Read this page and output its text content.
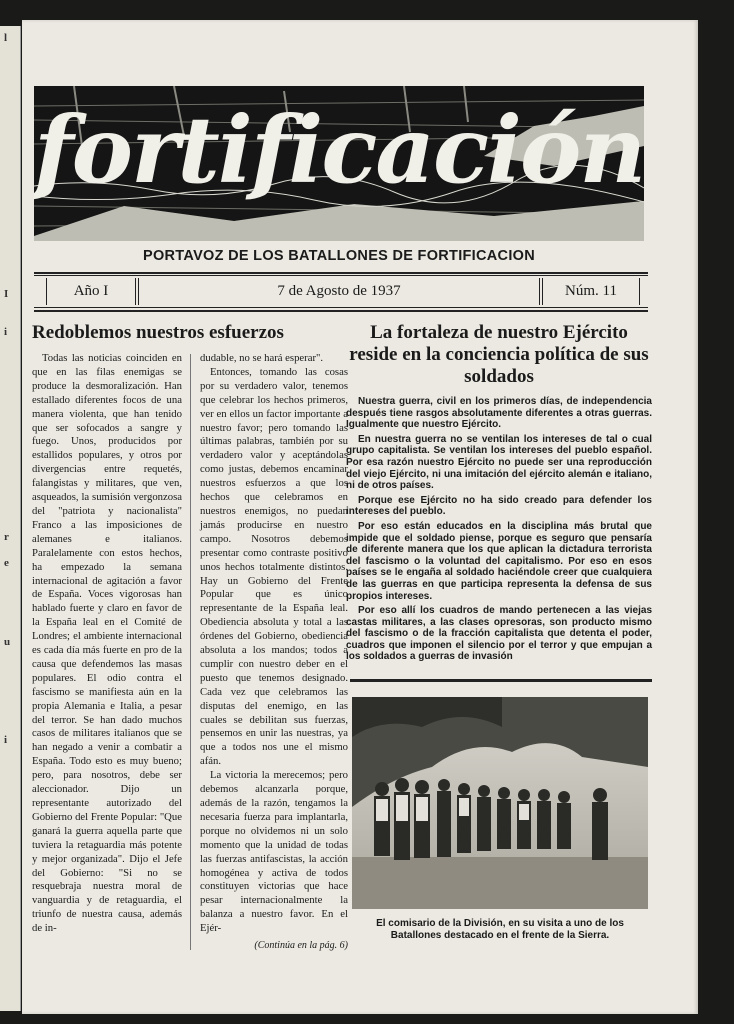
l
I
i
r
e
u
i
fortificación
PORTAVOZ DE LOS BATALLONES DE FORTIFICACION
Año I	7 de Agosto de 1937	Núm. 11
Redoblemos nuestros esfuerzos

Todas las noticias coinciden en que en las filas enemigas se produce la desmoralización. Han estallado diferentes focos de una manera violenta, que han tenido que ser sofocados a sangre y fuego. Unos, producidos por estallidos populares, y otros por divergencias entre requetés, falangistas y militares, que ven, asqueados, la sumisión vergonzosa del "patriota y nacionalista" Franco a las imposiciones de alemanes e italianos. Paralelamente con estos hechos, ha empezado la semana internacional de agitación a favor de España. Voces vigorosas han hablado fuerte y claro en favor de la España leal en el Comité de Londres; el ambiente internacional es cada día más fuerte en pro de la causa que defendemos las masas populares. El odio contra el fascismo se manifiesta aún en la propia Alemania e Italia, a pesar del terror. Se han dado muchos casos de militares italianos que se han negado a venir a combatir a España. Todo esto es muy bueno; pero, para nosotros, debe ser aleccionador. Dijo un representante autorizado del Gobierno del Frente Popular: "Que ganará la guerra aquella parte que tuviera la retaguardia más potente y mejor organizada". Dijo el Jefe del Gobierno: "Si no se resquebraja nuestra moral de vanguardia y de retaguardia, el triunfo de nuestra causa, además de in-

dudable, no se hará esperar".

Entonces, tomando las cosas por su verdadero valor, tenemos que celebrar los hechos primeros, ver en ellos un factor importante a nuestro favor; pero tomando las últimas palabras, también por su verdadero valor y aceptándolas como justas, debemos encaminar nuestros esfuerzos a que los hechos que celebramos en nuestros enemigos, no puedan jamás producirse en nuestro campo. Nosotros debemos presentar como contraste positivo unos hechos totalmente distintos. Hay un Gobierno del Frente Popular que es único representante de la España leal. Obediencia absoluta y total a las órdenes del Gobierno, obediencia absoluta a los mandos; todos a cumplir con nuestro deber en el puesto que tenemos designado. Cada vez que celebramos las disputas del enemigo, en las cuales se debilitan sus fuerzas, pensemos en unir las nuestras, ya que a todos nos une el mismo afán.

La victoria la merecemos; pero debemos alcanzarla porque, además de la razón, tengamos la necesaria fuerza para implantarla, porque no olvidemos ni un solo momento que la unidad de todas las fuerzas antifascistas, la acción homogénea y activa de todos constituyen victorias que hace pesar internacionalmente la balanza a nuestro favor. En el Ejér-

(Continúa en la pág. 6)
La fortaleza de nuestro Ejército reside en la conciencia política de sus soldados

Nuestra guerra, civil en los primeros días, de independencia después tiene rasgos absolutamente diferentes a otras guerras. Igualmente que nuestro Ejército.

En nuestra guerra no se ventilan los intereses de tal o cual grupo capitalista. Se ventilan los intereses del pueblo español. Por esa razón nuestro Ejército no puede ser una reproducción del viejo Ejército, ni una imitación del ejército alemán e italiano, ni de otros países.

Porque ese Ejército no ha sido creado para defender los intereses del pueblo.

Por eso están educados en la disciplina más brutal que impide que el soldado piense, porque es seguro que pensaría de diferente manera que los que aplican la dictadura terrorista del fascismo o la voluntad del capitalismo. Por eso en esos países se le engaña al soldado haciéndole creer que cualquiera de las guerras en que participa representa la defensa de sus propios intereses.

Por eso allí los cuadros de mando pertenecen a las viejas castas militares, a las clases opresoras, son producto mismo del fascismo o de la fracción capitalista que detenta el poder, cuadros que imponen el silencio por el terror y que empujan a los soldados a guerras de invasión

El comisario de la División, en su visita a uno de los Batallones destacado en el frente de la Sierra.
